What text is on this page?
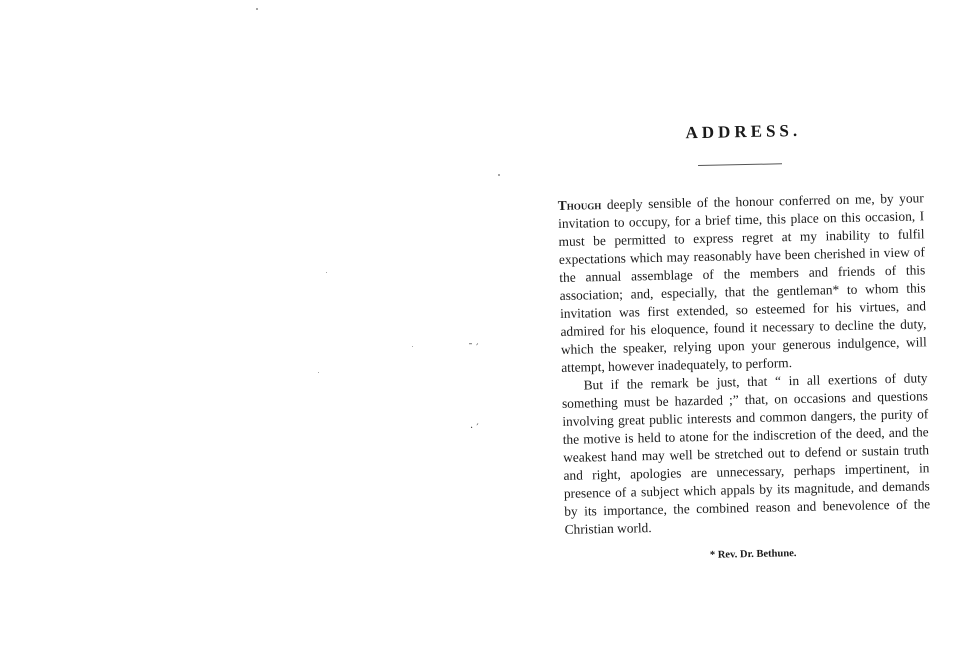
ˉ ′
· ′
ADDRESS.

Though deeply sensible of the honour conferred on me, by your invitation to occupy, for a brief time, this place on this occasion, I must be permitted to express regret at my inability to fulfil expectations which may reasonably have been cherished in view of the annual assemblage of the members and friends of this association; and, especially, that the gentleman* to whom this invitation was first extended, so esteemed for his virtues, and admired for his eloquence, found it necessary to decline the duty, which the speaker, relying upon your generous indulgence, will attempt, however inadequately, to perform.

But if the remark be just, that “ in all exertions of duty something must be hazarded ;” that, on occasions and questions involving great public interests and common dangers, the purity of the motive is held to atone for the indiscretion of the deed, and the weakest hand may well be stretched out to defend or sustain truth and right, apologies are unnecessary, perhaps impertinent, in presence of a subject which appals by its magnitude, and demands by its importance, the combined reason and benevolence of the Christian world.

* Rev. Dr. Bethune.
